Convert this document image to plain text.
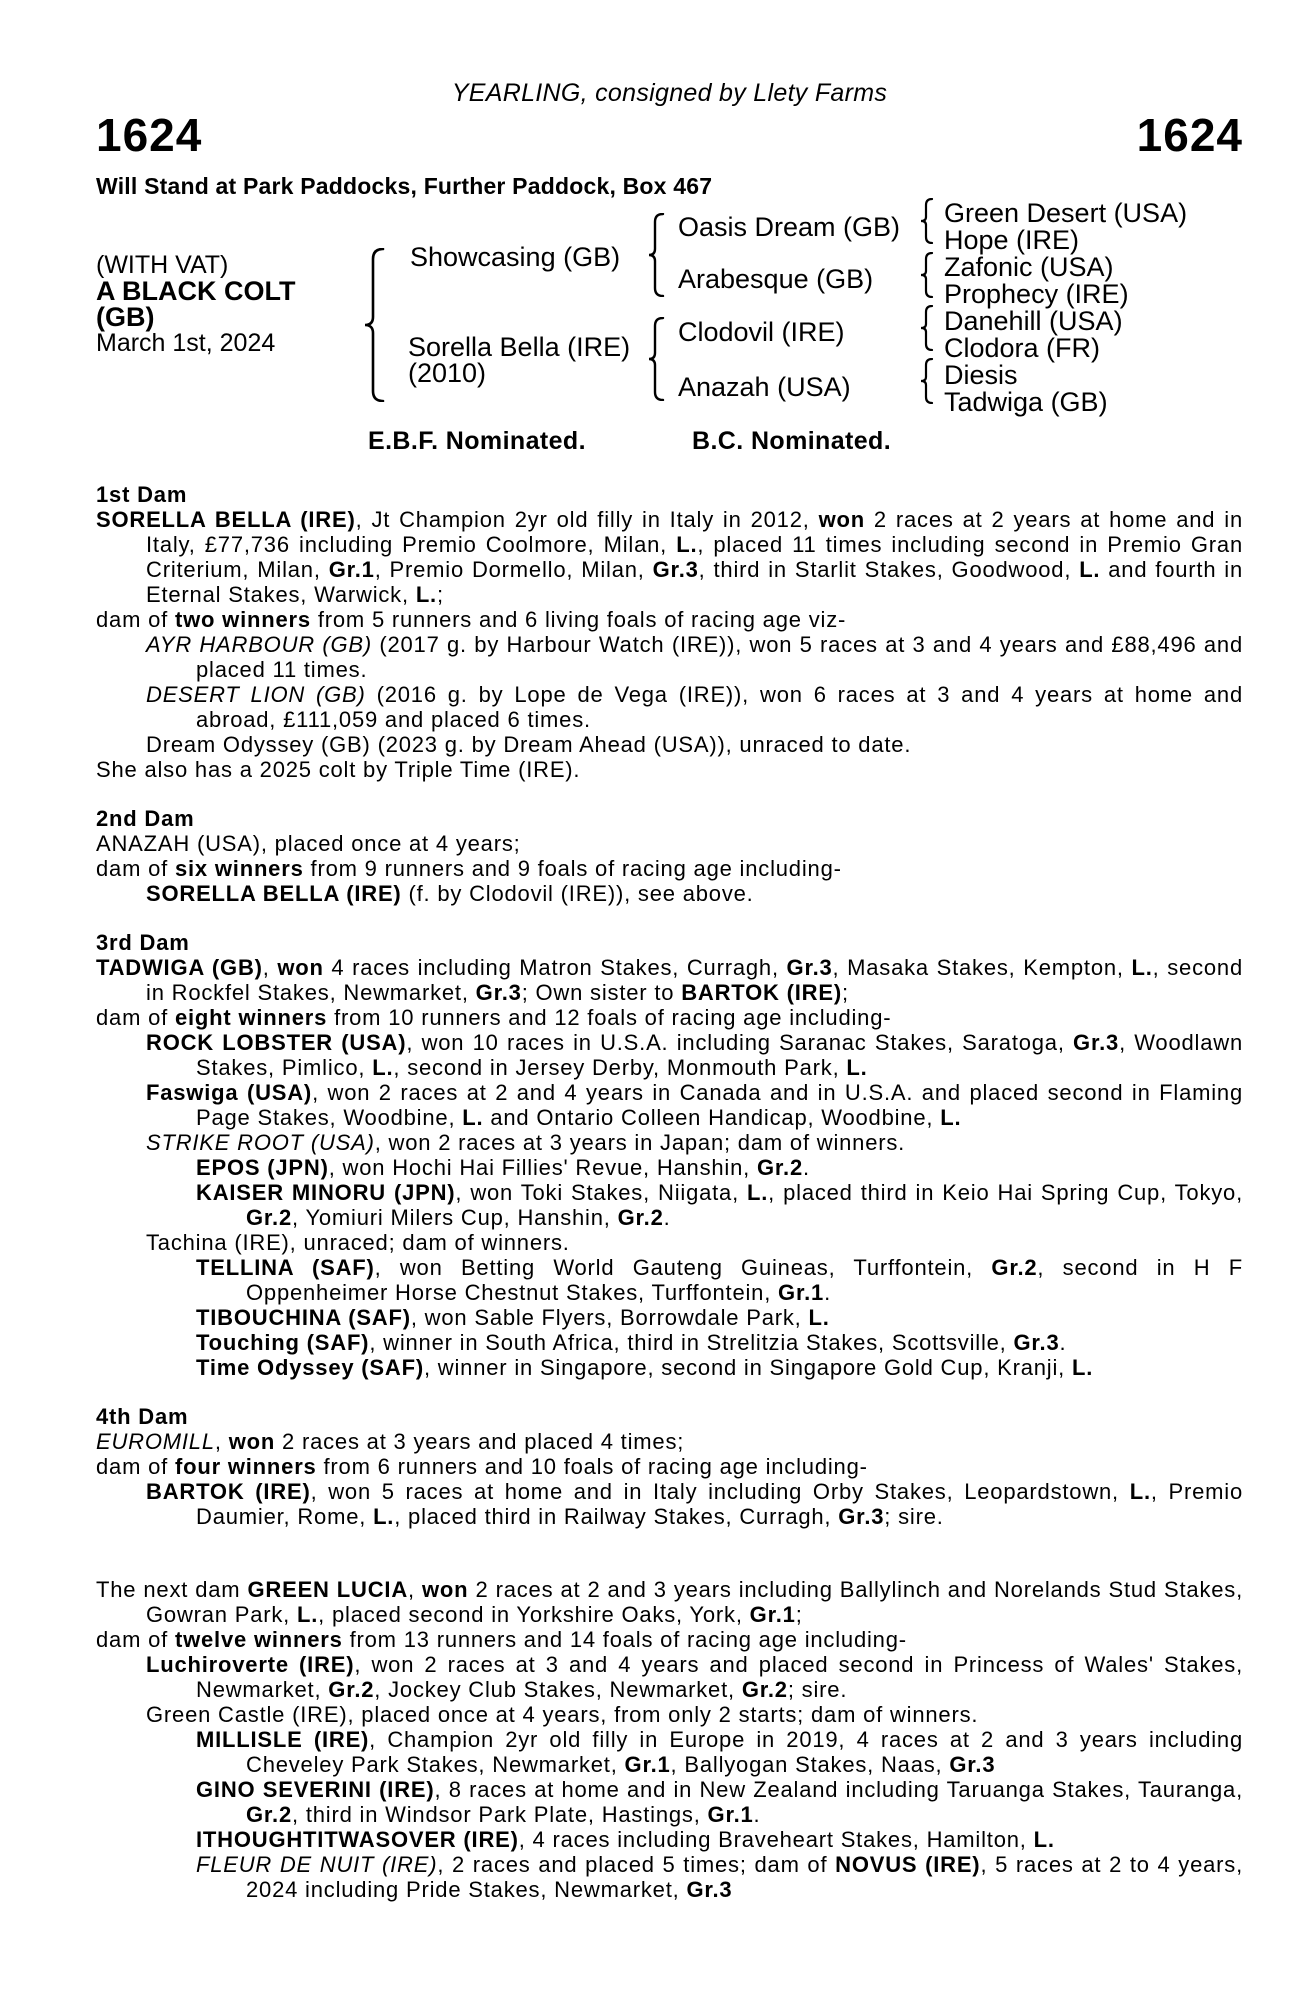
YEARLING, consigned by Llety Farms
1624	1624
Will Stand at Park Paddocks, Further Paddock, Box 467
(WITH VAT)
A BLACK COLT
(GB)
March 1st, 2024
Showcasing (GB)
Sorella Bella (IRE)
(2010)
Oasis Dream (GB)
Arabesque (GB)
Clodovil (IRE)
Anazah (USA)
Green Desert (USA)
Hope (IRE)
Zafonic (USA)
Prophecy (IRE)
Danehill (USA)
Clodora (FR)
Diesis
Tadwiga (GB)
E.B.F. Nominated.	B.C. Nominated.
1st Dam
SORELLA BELLA (IRE), Jt Champion 2yr old filly in Italy in 2012, won 2 races at 2 years at home and in Italy, £77,736 including Premio Coolmore, Milan, L., placed 11 times including second in Premio Gran Criterium, Milan, Gr.1, Premio Dormello, Milan, Gr.3, third in Starlit Stakes, Goodwood, L. and fourth in Eternal Stakes, Warwick, L.;
dam of two winners from 5 runners and 6 living foals of racing age viz-
AYR HARBOUR (GB) (2017 g. by Harbour Watch (IRE)), won 5 races at 3 and 4 years and £88,496 and placed 11 times.
DESERT LION (GB) (2016 g. by Lope de Vega (IRE)), won 6 races at 3 and 4 years at home and abroad, £111,059 and placed 6 times.
Dream Odyssey (GB) (2023 g. by Dream Ahead (USA)), unraced to date.
She also has a 2025 colt by Triple Time (IRE).
2nd Dam
ANAZAH (USA), placed once at 4 years;
dam of six winners from 9 runners and 9 foals of racing age including-
SORELLA BELLA (IRE) (f. by Clodovil (IRE)), see above.
3rd Dam
TADWIGA (GB), won 4 races including Matron Stakes, Curragh, Gr.3, Masaka Stakes, Kempton, L., second in Rockfel Stakes, Newmarket, Gr.3; Own sister to BARTOK (IRE);
dam of eight winners from 10 runners and 12 foals of racing age including-
ROCK LOBSTER (USA), won 10 races in U.S.A. including Saranac Stakes, Saratoga, Gr.3, Woodlawn Stakes, Pimlico, L., second in Jersey Derby, Monmouth Park, L.
Faswiga (USA), won 2 races at 2 and 4 years in Canada and in U.S.A. and placed second in Flaming Page Stakes, Woodbine, L. and Ontario Colleen Handicap, Woodbine, L.
STRIKE ROOT (USA), won 2 races at 3 years in Japan; dam of winners.
EPOS (JPN), won Hochi Hai Fillies' Revue, Hanshin, Gr.2.
KAISER MINORU (JPN), won Toki Stakes, Niigata, L., placed third in Keio Hai Spring Cup, Tokyo, Gr.2, Yomiuri Milers Cup, Hanshin, Gr.2.
Tachina (IRE), unraced; dam of winners.
TELLINA (SAF), won Betting World Gauteng Guineas, Turffontein, Gr.2, second in H F Oppenheimer Horse Chestnut Stakes, Turffontein, Gr.1.
TIBOUCHINA (SAF), won Sable Flyers, Borrowdale Park, L.
Touching (SAF), winner in South Africa, third in Strelitzia Stakes, Scottsville, Gr.3.
Time Odyssey (SAF), winner in Singapore, second in Singapore Gold Cup, Kranji, L.
4th Dam
EUROMILL, won 2 races at 3 years and placed 4 times;
dam of four winners from 6 runners and 10 foals of racing age including-
BARTOK (IRE), won 5 races at home and in Italy including Orby Stakes, Leopardstown, L., Premio Daumier, Rome, L., placed third in Railway Stakes, Curragh, Gr.3; sire.
The next dam GREEN LUCIA, won 2 races at 2 and 3 years including Ballylinch and Norelands Stud Stakes, Gowran Park, L., placed second in Yorkshire Oaks, York, Gr.1;
dam of twelve winners from 13 runners and 14 foals of racing age including-
Luchiroverte (IRE), won 2 races at 3 and 4 years and placed second in Princess of Wales' Stakes, Newmarket, Gr.2, Jockey Club Stakes, Newmarket, Gr.2; sire.
Green Castle (IRE), placed once at 4 years, from only 2 starts; dam of winners.
MILLISLE (IRE), Champion 2yr old filly in Europe in 2019, 4 races at 2 and 3 years including Cheveley Park Stakes, Newmarket, Gr.1, Ballyogan Stakes, Naas, Gr.3
GINO SEVERINI (IRE), 8 races at home and in New Zealand including Taruanga Stakes, Tauranga, Gr.2, third in Windsor Park Plate, Hastings, Gr.1.
ITHOUGHTITWASOVER (IRE), 4 races including Braveheart Stakes, Hamilton, L.
FLEUR DE NUIT (IRE), 2 races and placed 5 times; dam of NOVUS (IRE), 5 races at 2 to 4 years, 2024 including Pride Stakes, Newmarket, Gr.3
